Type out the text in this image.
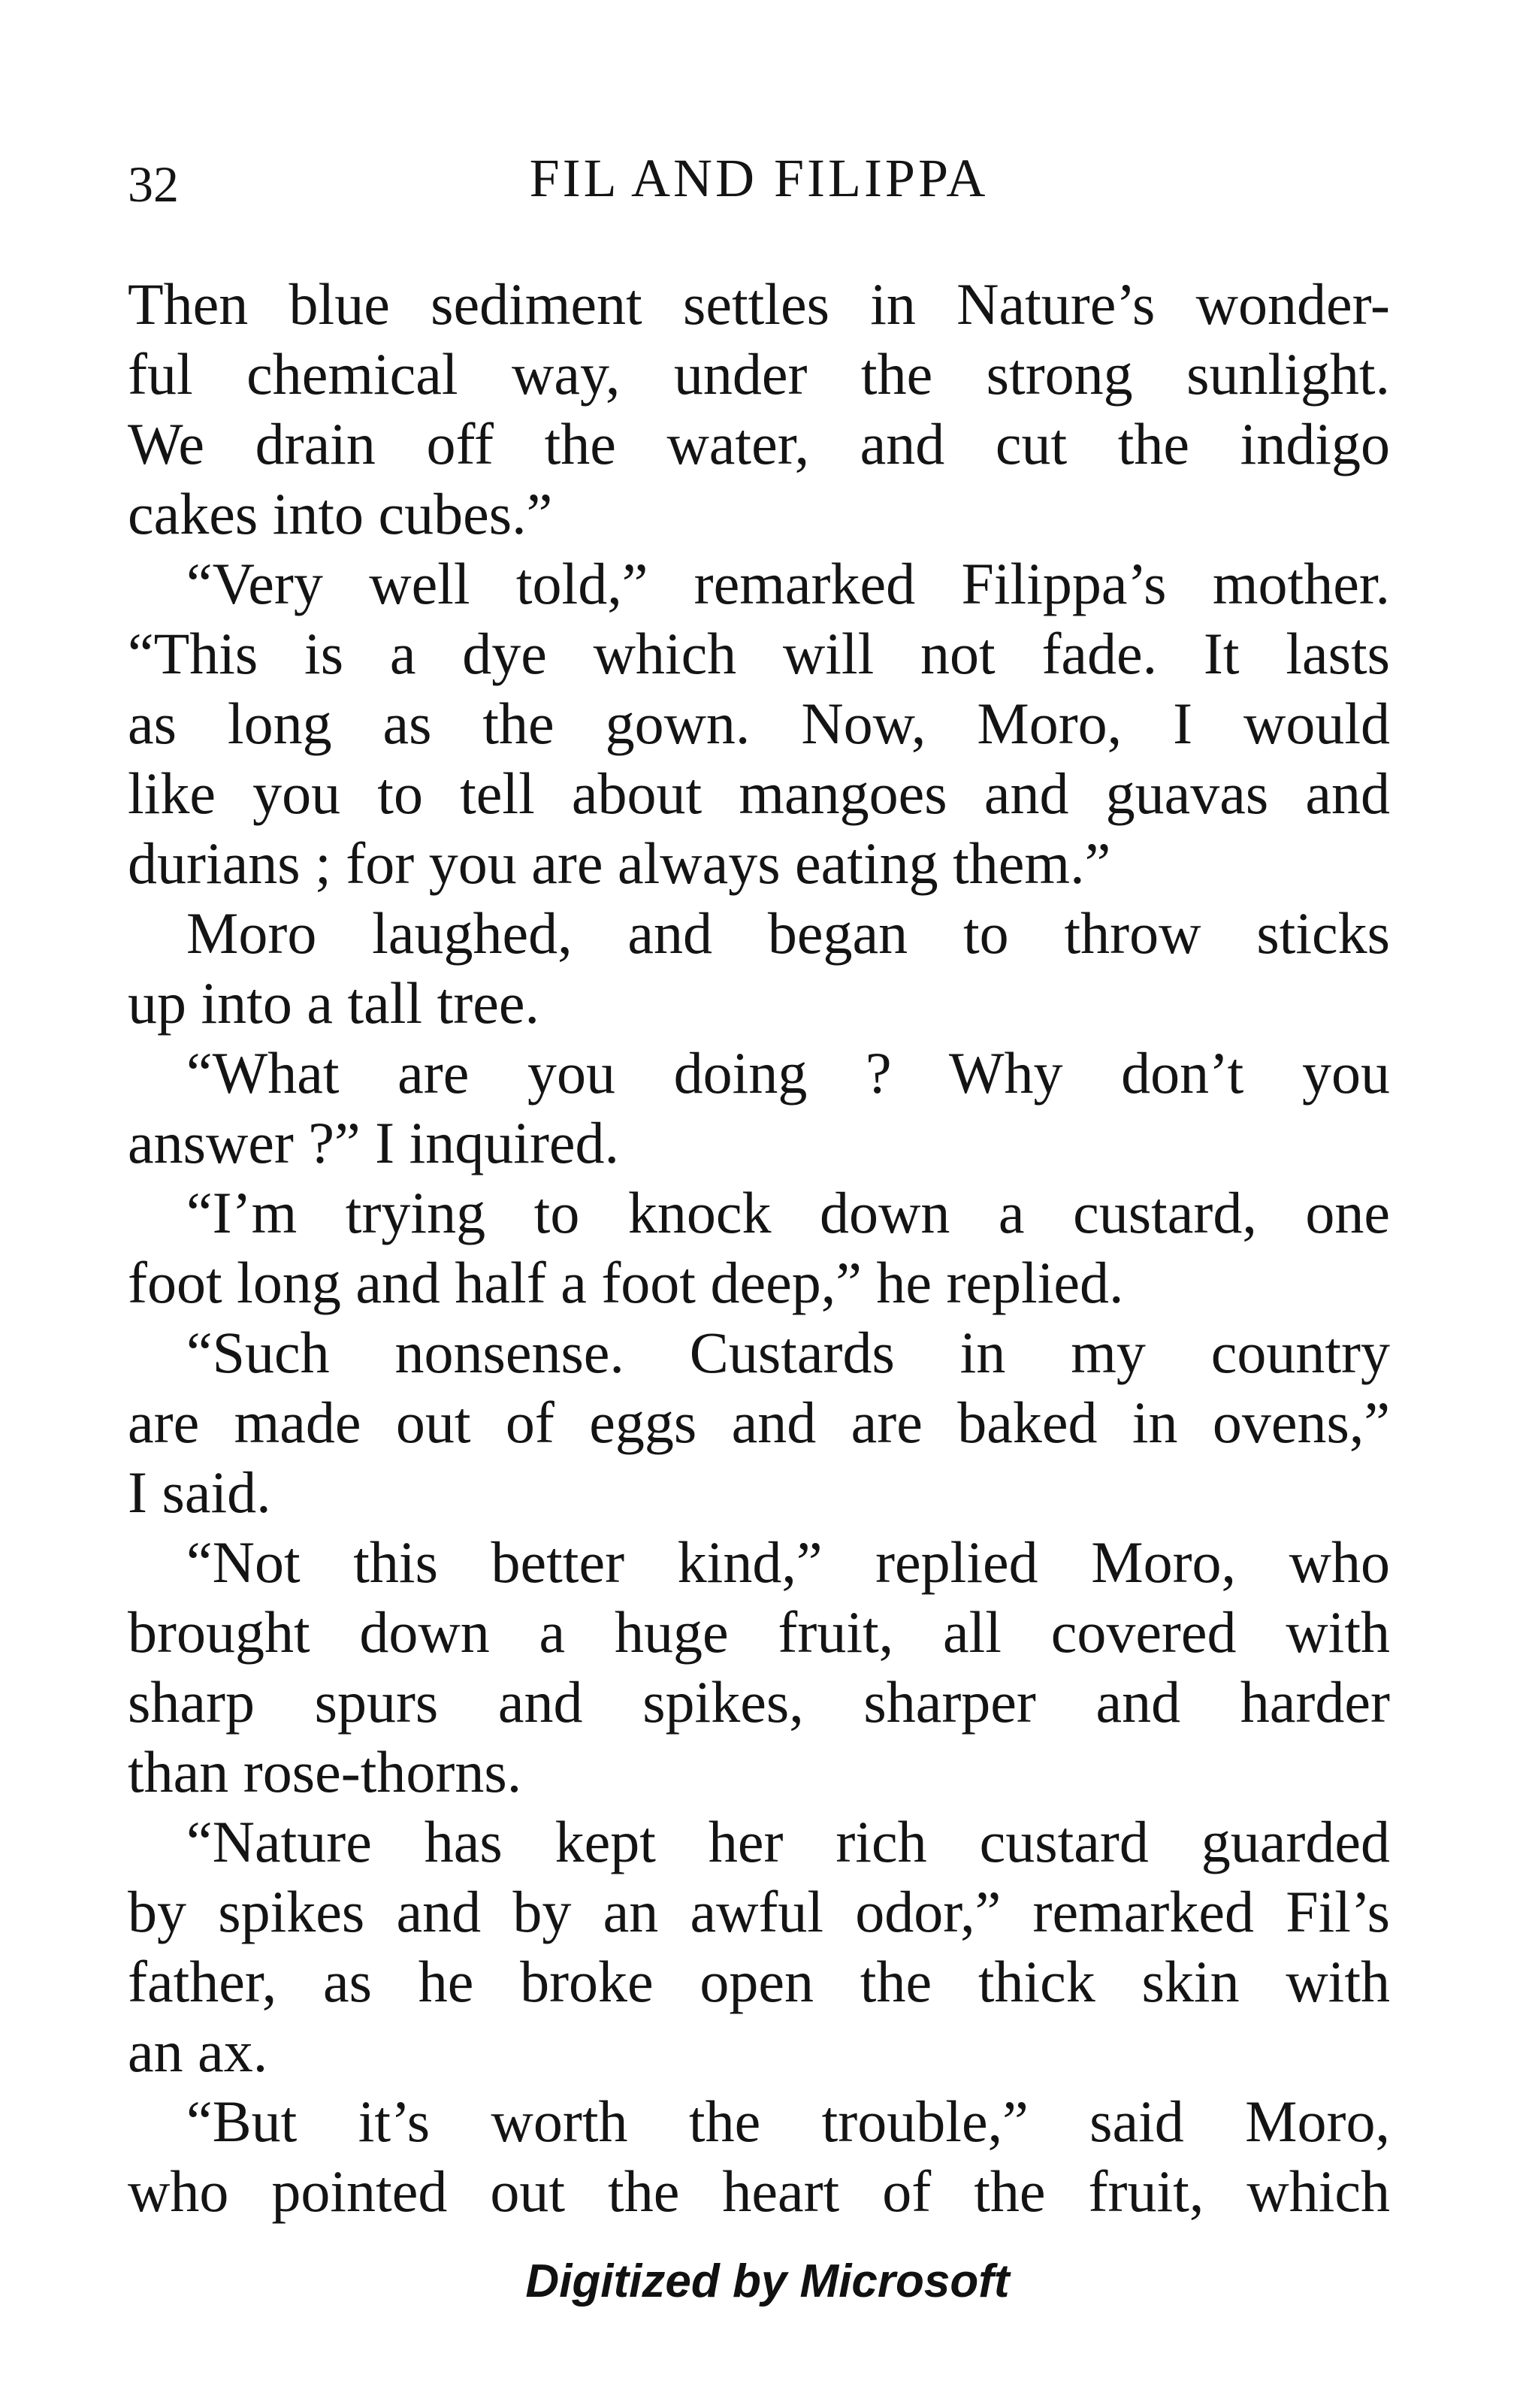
32	FIL AND FILIPPA
Then blue sediment settles in Nature’s wonder-
ful chemical way, under the strong sunlight.
We drain off the water, and cut the indigo
cakes into cubes.”
“Very well told,” remarked Filippa’s mother.
“This is a dye which will not fade. It lasts
as long as the gown. Now, Moro, I would
like you to tell about mangoes and guavas and
durians ; for you are always eating them.”
Moro laughed, and began to throw sticks
up into a tall tree.
“What are you doing ? Why don’t you
answer ?” I inquired.
“I’m trying to knock down a custard, one
foot long and half a foot deep,” he replied.
“Such nonsense. Custards in my country
are made out of eggs and are baked in ovens,”
I said.
“Not this better kind,” replied Moro, who
brought down a huge fruit, all covered with
sharp spurs and spikes, sharper and harder
than rose-thorns.
“Nature has kept her rich custard guarded
by spikes and by an awful odor,” remarked Fil’s
father, as he broke open the thick skin with
an ax.
“But it’s worth the trouble,” said Moro,
who pointed out the heart of the fruit, which
Digitized by Microsoft
